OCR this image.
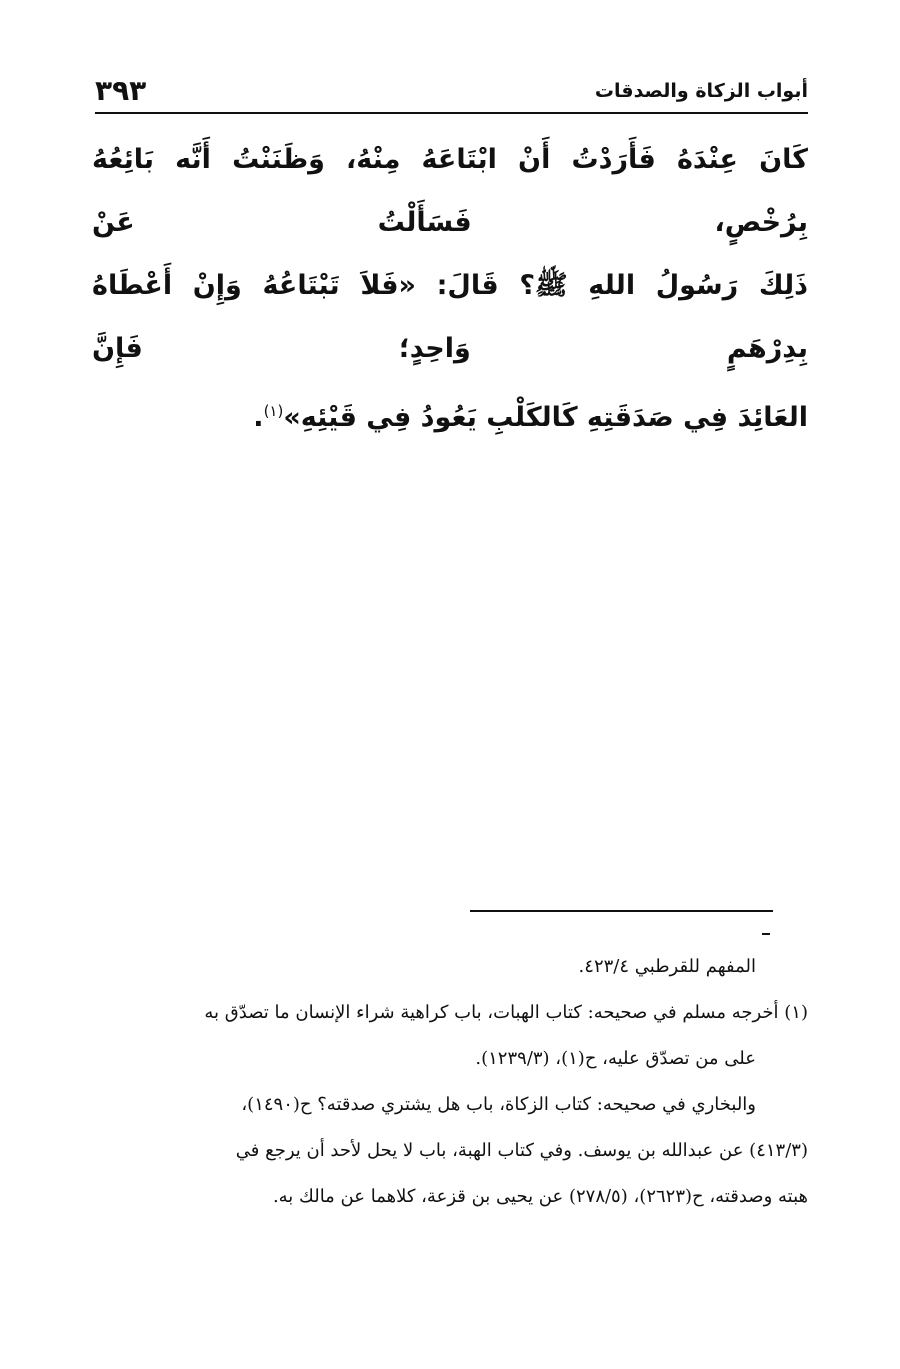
أبواب الزكاة والصدقات
٣٩٣
كَانَ عِنْدَهُ فَأَرَدْتُ أَنْ ابْتَاعَهُ مِنْهُ، وَظَنَنْتُ أَنَّه بَائِعُهُ بِرُخْصٍ، فَسَأَلْتُ عَنْ
ذَلِكَ رَسُولُ اللهِ ﷺ؟ قَالَ: «فَلاَ تَبْتَاعُهُ وَإِنْ أَعْطَاهُ بِدِرْهَمٍ وَاحِدٍ؛ فَإِنَّ
العَائِدَ فِي صَدَقَتِهِ كَالكَلْبِ يَعُودُ فِي قَيْئِهِ»$^{(١)}$.
المفهم للقرطبي ٤٢٣/٤.
(١) أخرجه مسلم في صحيحه: كتاب الهبات، باب كراهية شراء الإنسان ما تصدّق به
على من تصدّق عليه، ح(١)، (١٢٣٩/٣).
والبخاري في صحيحه: كتاب الزكاة، باب هل يشتري صدقته؟ ح(١٤٩٠)،
(٤١٣/٣) عن عبدالله بن يوسف. وفي كتاب الهبة، باب لا يحل لأحد أن يرجع في
هبته وصدقته، ح(٢٦٢٣)، (٢٧٨/٥) عن يحيى بن قزعة، كلاهما عن مالك به.
